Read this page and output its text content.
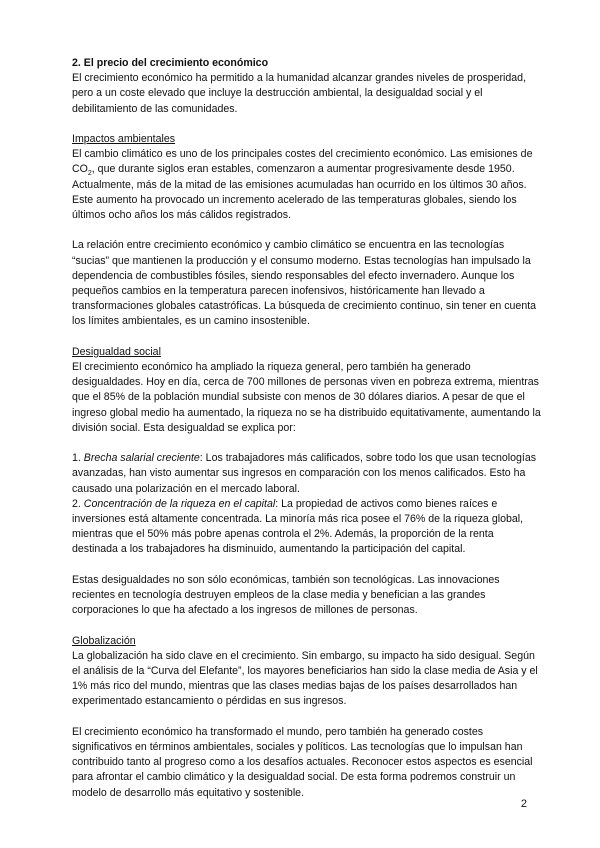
2. El precio del crecimiento económico

El crecimiento económico ha permitido a la humanidad alcanzar grandes niveles de prosperidad, pero a un coste elevado que incluye la destrucción ambiental, la desigualdad social y el debilitamiento de las comunidades.

Impactos ambientales

El cambio climático es uno de los principales costes del crecimiento económico. Las emisiones de $CO_2$, que durante siglos eran estables, comenzaron a aumentar progresivamente desde 1950. Actualmente, más de la mitad de las emisiones acumuladas han ocurrido en los últimos 30 años. Este aumento ha provocado un incremento acelerado de las temperaturas globales, siendo los últimos ocho años los más cálidos registrados.

La relación entre crecimiento económico y cambio climático se encuentra en las tecnologías “sucias” que mantienen la producción y el consumo moderno. Estas tecnologías han impulsado la dependencia de combustibles fósiles, siendo responsables del efecto invernadero. Aunque los pequeños cambios en la temperatura parecen inofensivos, históricamente han llevado a transformaciones globales catastróficas. La búsqueda de crecimiento continuo, sin tener en cuenta los límites ambientales, es un camino insostenible.

Desigualdad social

El crecimiento económico ha ampliado la riqueza general, pero también ha generado desigualdades. Hoy en día, cerca de 700 millones de personas viven en pobreza extrema, mientras que el 85% de la población mundial subsiste con menos de 30 dólares diarios. A pesar de que el ingreso global medio ha aumentado, la riqueza no se ha distribuido equitativamente, aumentando la división social. Esta desigualdad se explica por:

1. Brecha salarial creciente: Los trabajadores más calificados, sobre todo los que usan tecnologías avanzadas, han visto aumentar sus ingresos en comparación con los menos calificados. Esto ha causado una polarización en el mercado laboral.

2. Concentración de la riqueza en el capital: La propiedad de activos como bienes raíces e inversiones está altamente concentrada. La minoría más rica posee el 76% de la riqueza global, mientras que el 50% más pobre apenas controla el 2%. Además, la proporción de la renta destinada a los trabajadores ha disminuido, aumentando la participación del capital.

Estas desigualdades no son sólo económicas, también son tecnológicas. Las innovaciones recientes en tecnología destruyen empleos de la clase media y benefician a las grandes corporaciones lo que ha afectado a los ingresos de millones de personas.

Globalización

La globalización ha sido clave en el crecimiento. Sin embargo, su impacto ha sido desigual. Según el análisis de la “Curva del Elefante”, los mayores beneficiarios han sido la clase media de Asia y el 1% más rico del mundo, mientras que las clases medias bajas de los países desarrollados han experimentado estancamiento o pérdidas en sus ingresos.

El crecimiento económico ha transformado el mundo, pero también ha generado costes significativos en términos ambientales, sociales y políticos. Las tecnologías que lo impulsan han contribuido tanto al progreso como a los desafíos actuales. Reconocer estos aspectos es esencial para afrontar el cambio climático y la desigualdad social. De esta forma podremos construir un modelo de desarrollo más equitativo y sostenible.

2
